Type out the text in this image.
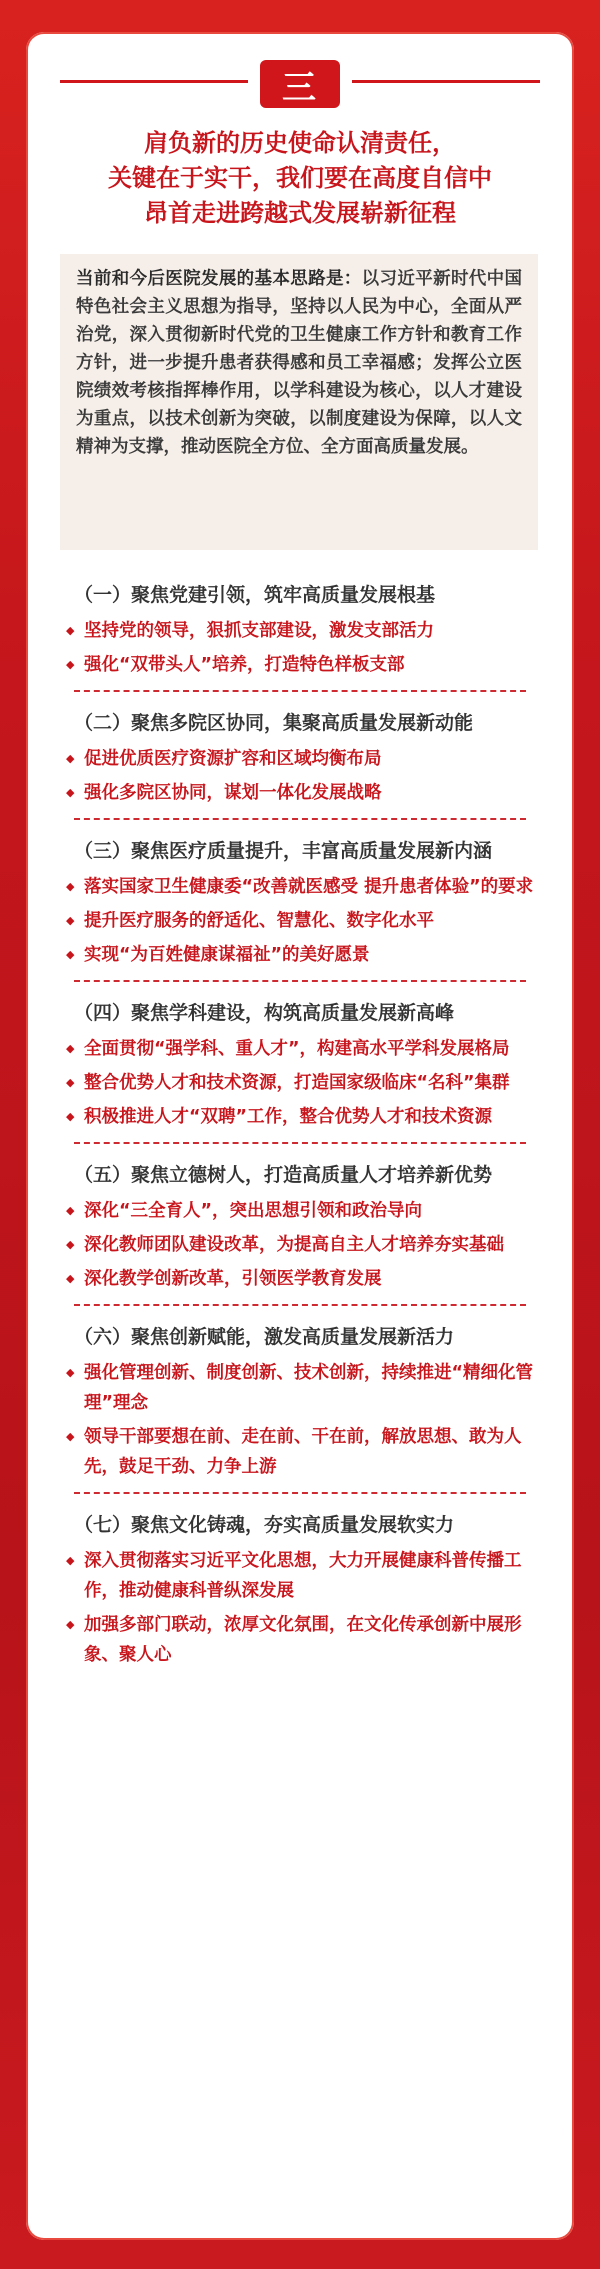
三
肩负新的历史使命认清责任，
关键在于实干，我们要在高度自信中
昂首走进跨越式发展崭新征程
当前和今后医院发展的基本思路是：以习近平新时代中国特色社会主义思想为指导，坚持以人民为中心，全面从严治党，深入贯彻新时代党的卫生健康工作方针和教育工作方针，进一步提升患者获得感和员工幸福感；发挥公立医院绩效考核指挥棒作用，以学科建设为核心，以人才建设为重点，以技术创新为突破，以制度建设为保障，以人文精神为支撑，推动医院全方位、全方面高质量发展。
（一）聚焦党建引领，筑牢高质量发展根基
◆ 坚持党的领导，狠抓支部建设，激发支部活力
◆ 强化“双带头人”培养，打造特色样板支部
（二）聚焦多院区协同，集聚高质量发展新动能
◆ 促进优质医疗资源扩容和区域均衡布局
◆ 强化多院区协同，谋划一体化发展战略
（三）聚焦医疗质量提升，丰富高质量发展新内涵
◆ 落实国家卫生健康委“改善就医感受 提升患者体验”的要求
◆ 提升医疗服务的舒适化、智慧化、数字化水平
◆ 实现“为百姓健康谋福祉”的美好愿景
（四）聚焦学科建设，构筑高质量发展新高峰
◆ 全面贯彻“强学科、重人才”，构建高水平学科发展格局
◆ 整合优势人才和技术资源，打造国家级临床“名科”集群
◆ 积极推进人才“双聘”工作，整合优势人才和技术资源
（五）聚焦立德树人，打造高质量人才培养新优势
◆ 深化“三全育人”，突出思想引领和政治导向
◆ 深化教师团队建设改革，为提高自主人才培养夯实基础
◆ 深化教学创新改革，引领医学教育发展
（六）聚焦创新赋能，激发高质量发展新活力
◆ 强化管理创新、制度创新、技术创新，持续推进“精细化管理”理念
◆ 领导干部要想在前、走在前、干在前，解放思想、敢为人先，鼓足干劲、力争上游
（七）聚焦文化铸魂，夯实高质量发展软实力
◆ 深入贯彻落实习近平文化思想，大力开展健康科普传播工作，推动健康科普纵深发展
◆ 加强多部门联动，浓厚文化氛围，在文化传承创新中展形象、聚人心
